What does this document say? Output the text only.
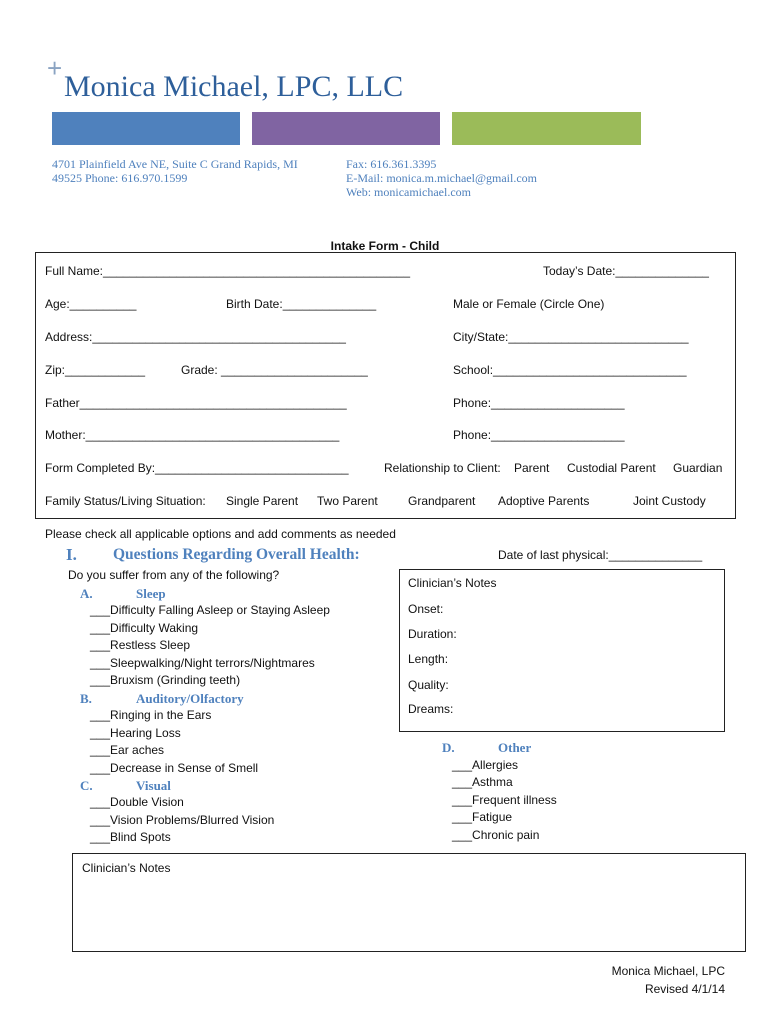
+
Monica Michael, LPC, LLC
4701 Plainfield Ave NE, Suite C Grand Rapids, MI
49525 Phone: 616.970.1599
Fax: 616.361.3395
E-Mail: monica.m.michael@gmail.com
Web: monicamichael.com
Intake Form - Child
Full Name:______________________________________________	Today’s Date:______________
Age:__________	Birth Date:______________	Male or Female (Circle One)
Address:______________________________________	City/State:___________________________
Zip:____________	Grade: ______________________	School:_____________________________
Father________________________________________	Phone:____________________
Mother:______________________________________	Phone:____________________
Form Completed By:_____________________________	Relationship to Client: Parent Custodial Parent Guardian
Family Status/Living Situation: Single Parent Two Parent	Grandparent Adoptive Parents	Joint Custody
Please check all applicable options and add comments as needed
I. Questions Regarding Overall Health:	Date of last physical:______________
Do you suffer from any of the following?
A.	Sleep
___Difficulty Falling Asleep or Staying Asleep
___Difficulty Waking
___Restless Sleep
___Sleepwalking/Night terrors/Nightmares
___Bruxism (Grinding teeth)
B.	Auditory/Olfactory
___Ringing in the Ears
___Hearing Loss
___Ear aches
___Decrease in Sense of Smell
C.	Visual
___Double Vision
___Vision Problems/Blurred Vision
___Blind Spots
Clinician’s Notes
Onset:
Duration:
Length:
Quality:
Dreams:
D.	Other
___Allergies
___Asthma
___Frequent illness
___Fatigue
___Chronic pain
Clinician’s Notes
Monica Michael, LPC
Revised 4/1/14
